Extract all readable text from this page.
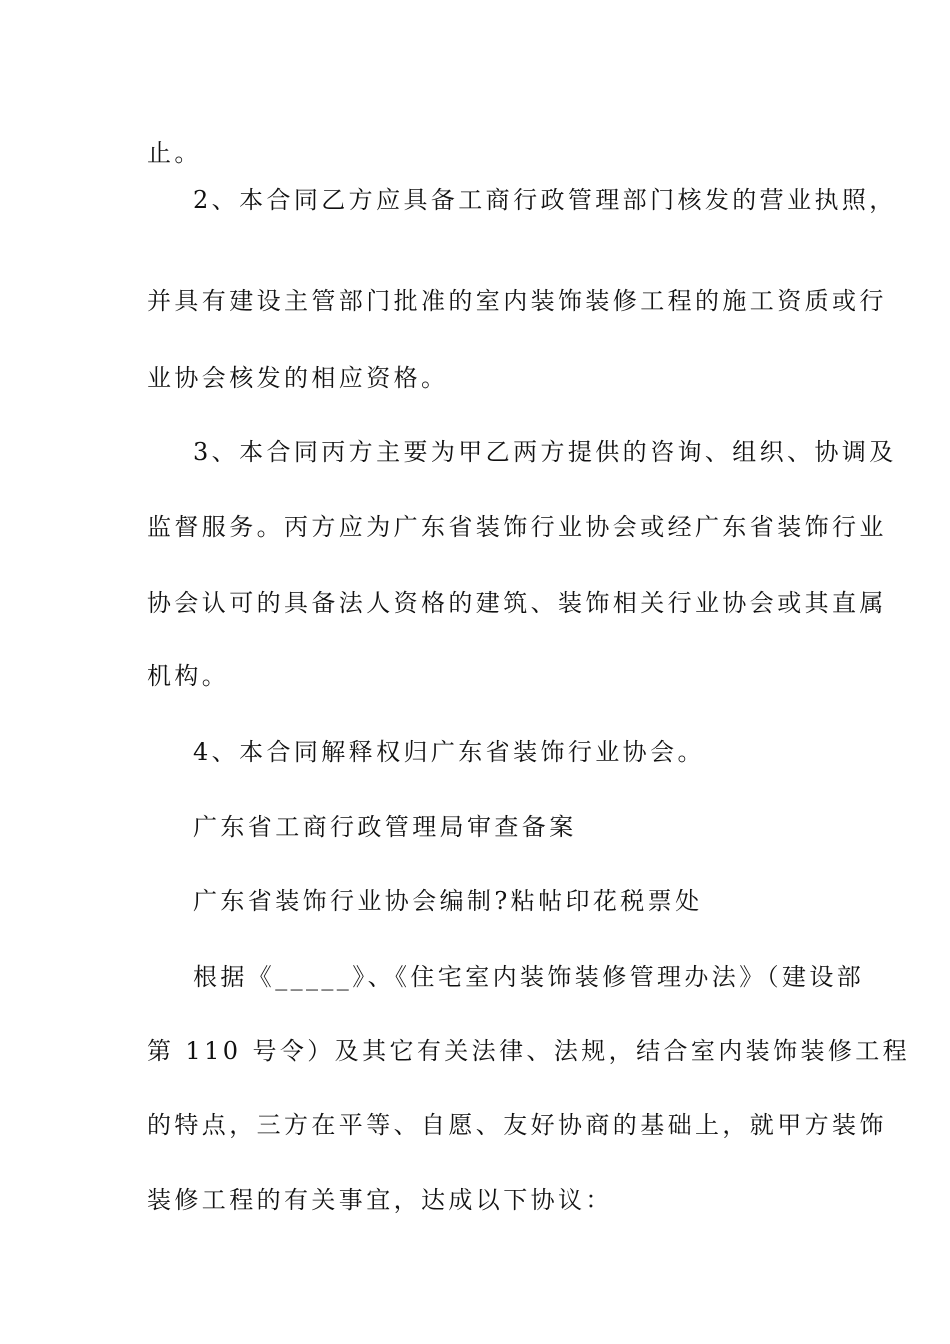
止。
2、本合同乙方应具备工商行政管理部门核发的营业执照，
并具有建设主管部门批准的室内装饰装修工程的施工资质或行
业协会核发的相应资格。
3、本合同丙方主要为甲乙两方提供的咨询、组织、协调及
监督服务。丙方应为广东省装饰行业协会或经广东省装饰行业
协会认可的具备法人资格的建筑、装饰相关行业协会或其直属
机构。
4、本合同解释权归广东省装饰行业协会。
广东省工商行政管理局审查备案
广东省装饰行业协会编制?粘帖印花税票处
根据《_____》、《住宅室内装饰装修管理办法》（建设部
第 110 号令）及其它有关法律、法规，结合室内装饰装修工程
的特点，三方在平等、自愿、友好协商的基础上，就甲方装饰
装修工程的有关事宜，达成以下协议：
